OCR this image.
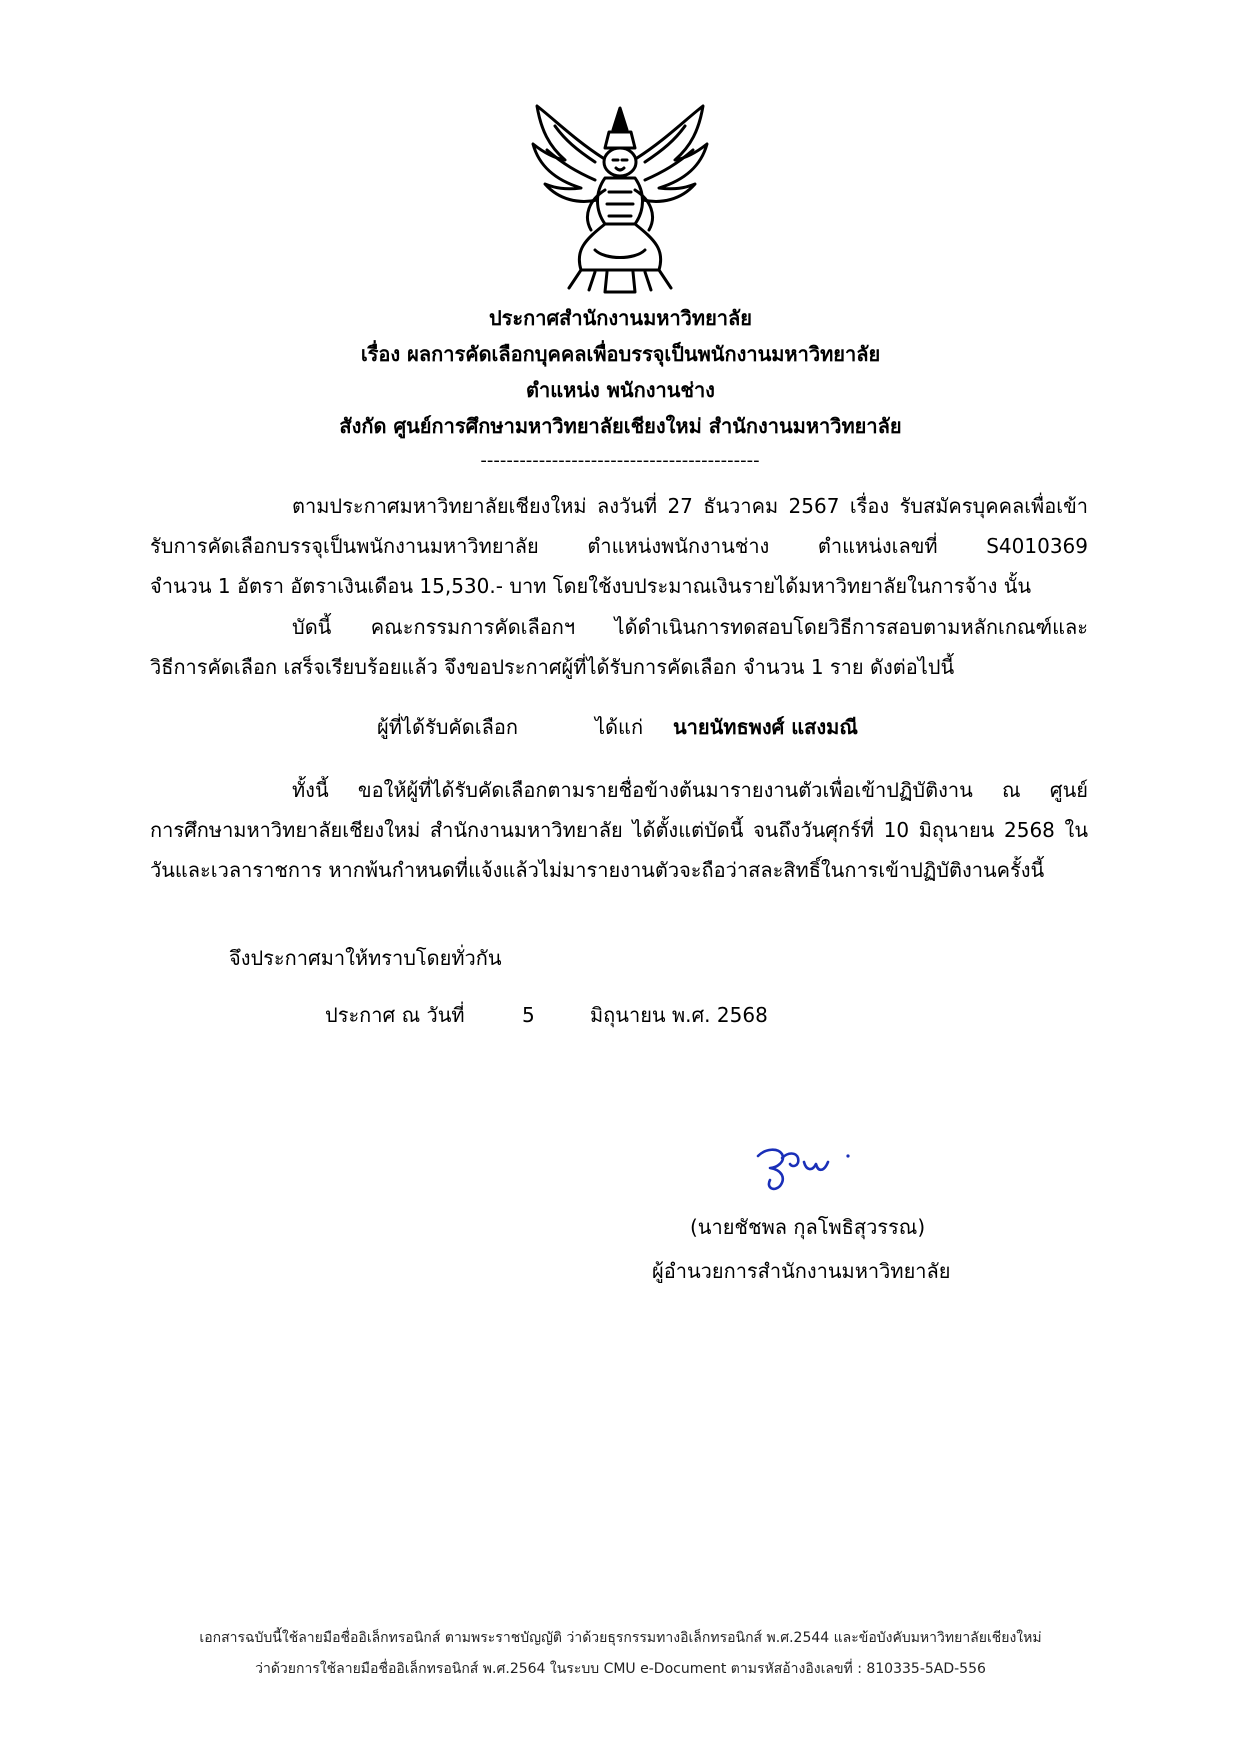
ประกาศสำนักงานมหาวิทยาลัย
เรื่อง ผลการคัดเลือกบุคคลเพื่อบรรจุเป็นพนักงานมหาวิทยาลัย
ตำแหน่ง พนักงานช่าง
สังกัด ศูนย์การศึกษามหาวิทยาลัยเชียงใหม่ สำนักงานมหาวิทยาลัย
-------------------------------------------
ตามประกาศมหาวิทยาลัยเชียงใหม่ ลงวันที่ 27 ธันวาคม 2567 เรื่อง รับสมัครบุคคลเพื่อเข้า
รับการคัดเลือกบรรจุเป็นพนักงานมหาวิทยาลัย ตำแหน่งพนักงานช่าง ตำแหน่งเลขที่ S4010369
จำนวน 1 อัตรา อัตราเงินเดือน 15,530.- บาท โดยใช้งบประมาณเงินรายได้มหาวิทยาลัยในการจ้าง นั้น
บัดนี้ คณะกรรมการคัดเลือกฯ ได้ดำเนินการทดสอบโดยวิธีการสอบตามหลักเกณฑ์และ
วิธีการคัดเลือก เสร็จเรียบร้อยแล้ว จึงขอประกาศผู้ที่ได้รับการคัดเลือก จำนวน 1 ราย ดังต่อไปนี้
ผู้ที่ได้รับคัดเลือก	ได้แก่ นายนัทธพงศ์ แสงมณี
ทั้งนี้ ขอให้ผู้ที่ได้รับคัดเลือกตามรายชื่อข้างต้นมารายงานตัวเพื่อเข้าปฏิบัติงาน ณ ศูนย์
การศึกษามหาวิทยาลัยเชียงใหม่ สำนักงานมหาวิทยาลัย ได้ตั้งแต่บัดนี้ จนถึงวันศุกร์ที่ 10 มิถุนายน 2568 ใน
วันและเวลาราชการ หากพ้นกำหนดที่แจ้งแล้วไม่มารายงานตัวจะถือว่าสละสิทธิ์ในการเข้าปฏิบัติงานครั้งนี้
จึงประกาศมาให้ทราบโดยทั่วกัน
ประกาศ ณ วันที่	5	มิถุนายน พ.ศ. 2568
(นายชัชพล กุลโพธิสุวรรณ)
ผู้อำนวยการสำนักงานมหาวิทยาลัย
เอกสารฉบับนี้ใช้ลายมือชื่ออิเล็กทรอนิกส์ ตามพระราชบัญญัติ ว่าด้วยธุรกรรมทางอิเล็กทรอนิกส์ พ.ศ.2544 และข้อบังคับมหาวิทยาลัยเชียงใหม่
ว่าด้วยการใช้ลายมือชื่ออิเล็กทรอนิกส์ พ.ศ.2564 ในระบบ CMU e-Document ตามรหัสอ้างอิงเลขที่ : 810335-5AD-556
